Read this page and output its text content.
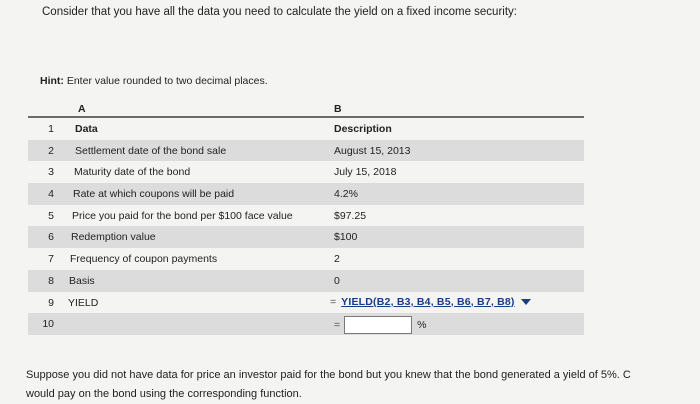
Consider that you have all the data you need to calculate the yield on a fixed income security:
Hint: Enter value rounded to two decimal places.
A	B
1 Data	Description
2 Settlement date of the bond sale	August 15, 2013
3 Maturity date of the bond	July 15, 2018
4 Rate at which coupons will be paid	4.2%
5 Price you paid for the bond per $100 face value	$97.25
6 Redemption value	$100
7 Frequency of coupon payments	2
8 Basis	0
9 YIELD	= YIELD(B2, B3, B4, B5, B6, B7, B8)
10	=	%
Suppose you did not have data for price an investor paid for the bond but you knew that the bond generated a yield of 5%. C
would pay on the bond using the corresponding function.
